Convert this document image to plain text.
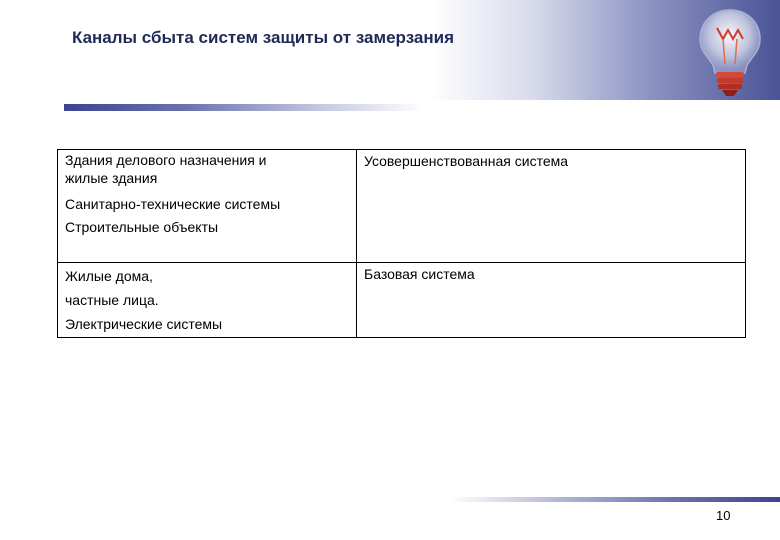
Каналы сбыта систем защиты от замерзания
Здания делового назначения и
жилые здания
Санитарно-технические системы
Строительные объекты	Усовершенствованная система

Жилые дома,
частные лица.
Электрические системы	Базовая система
10
